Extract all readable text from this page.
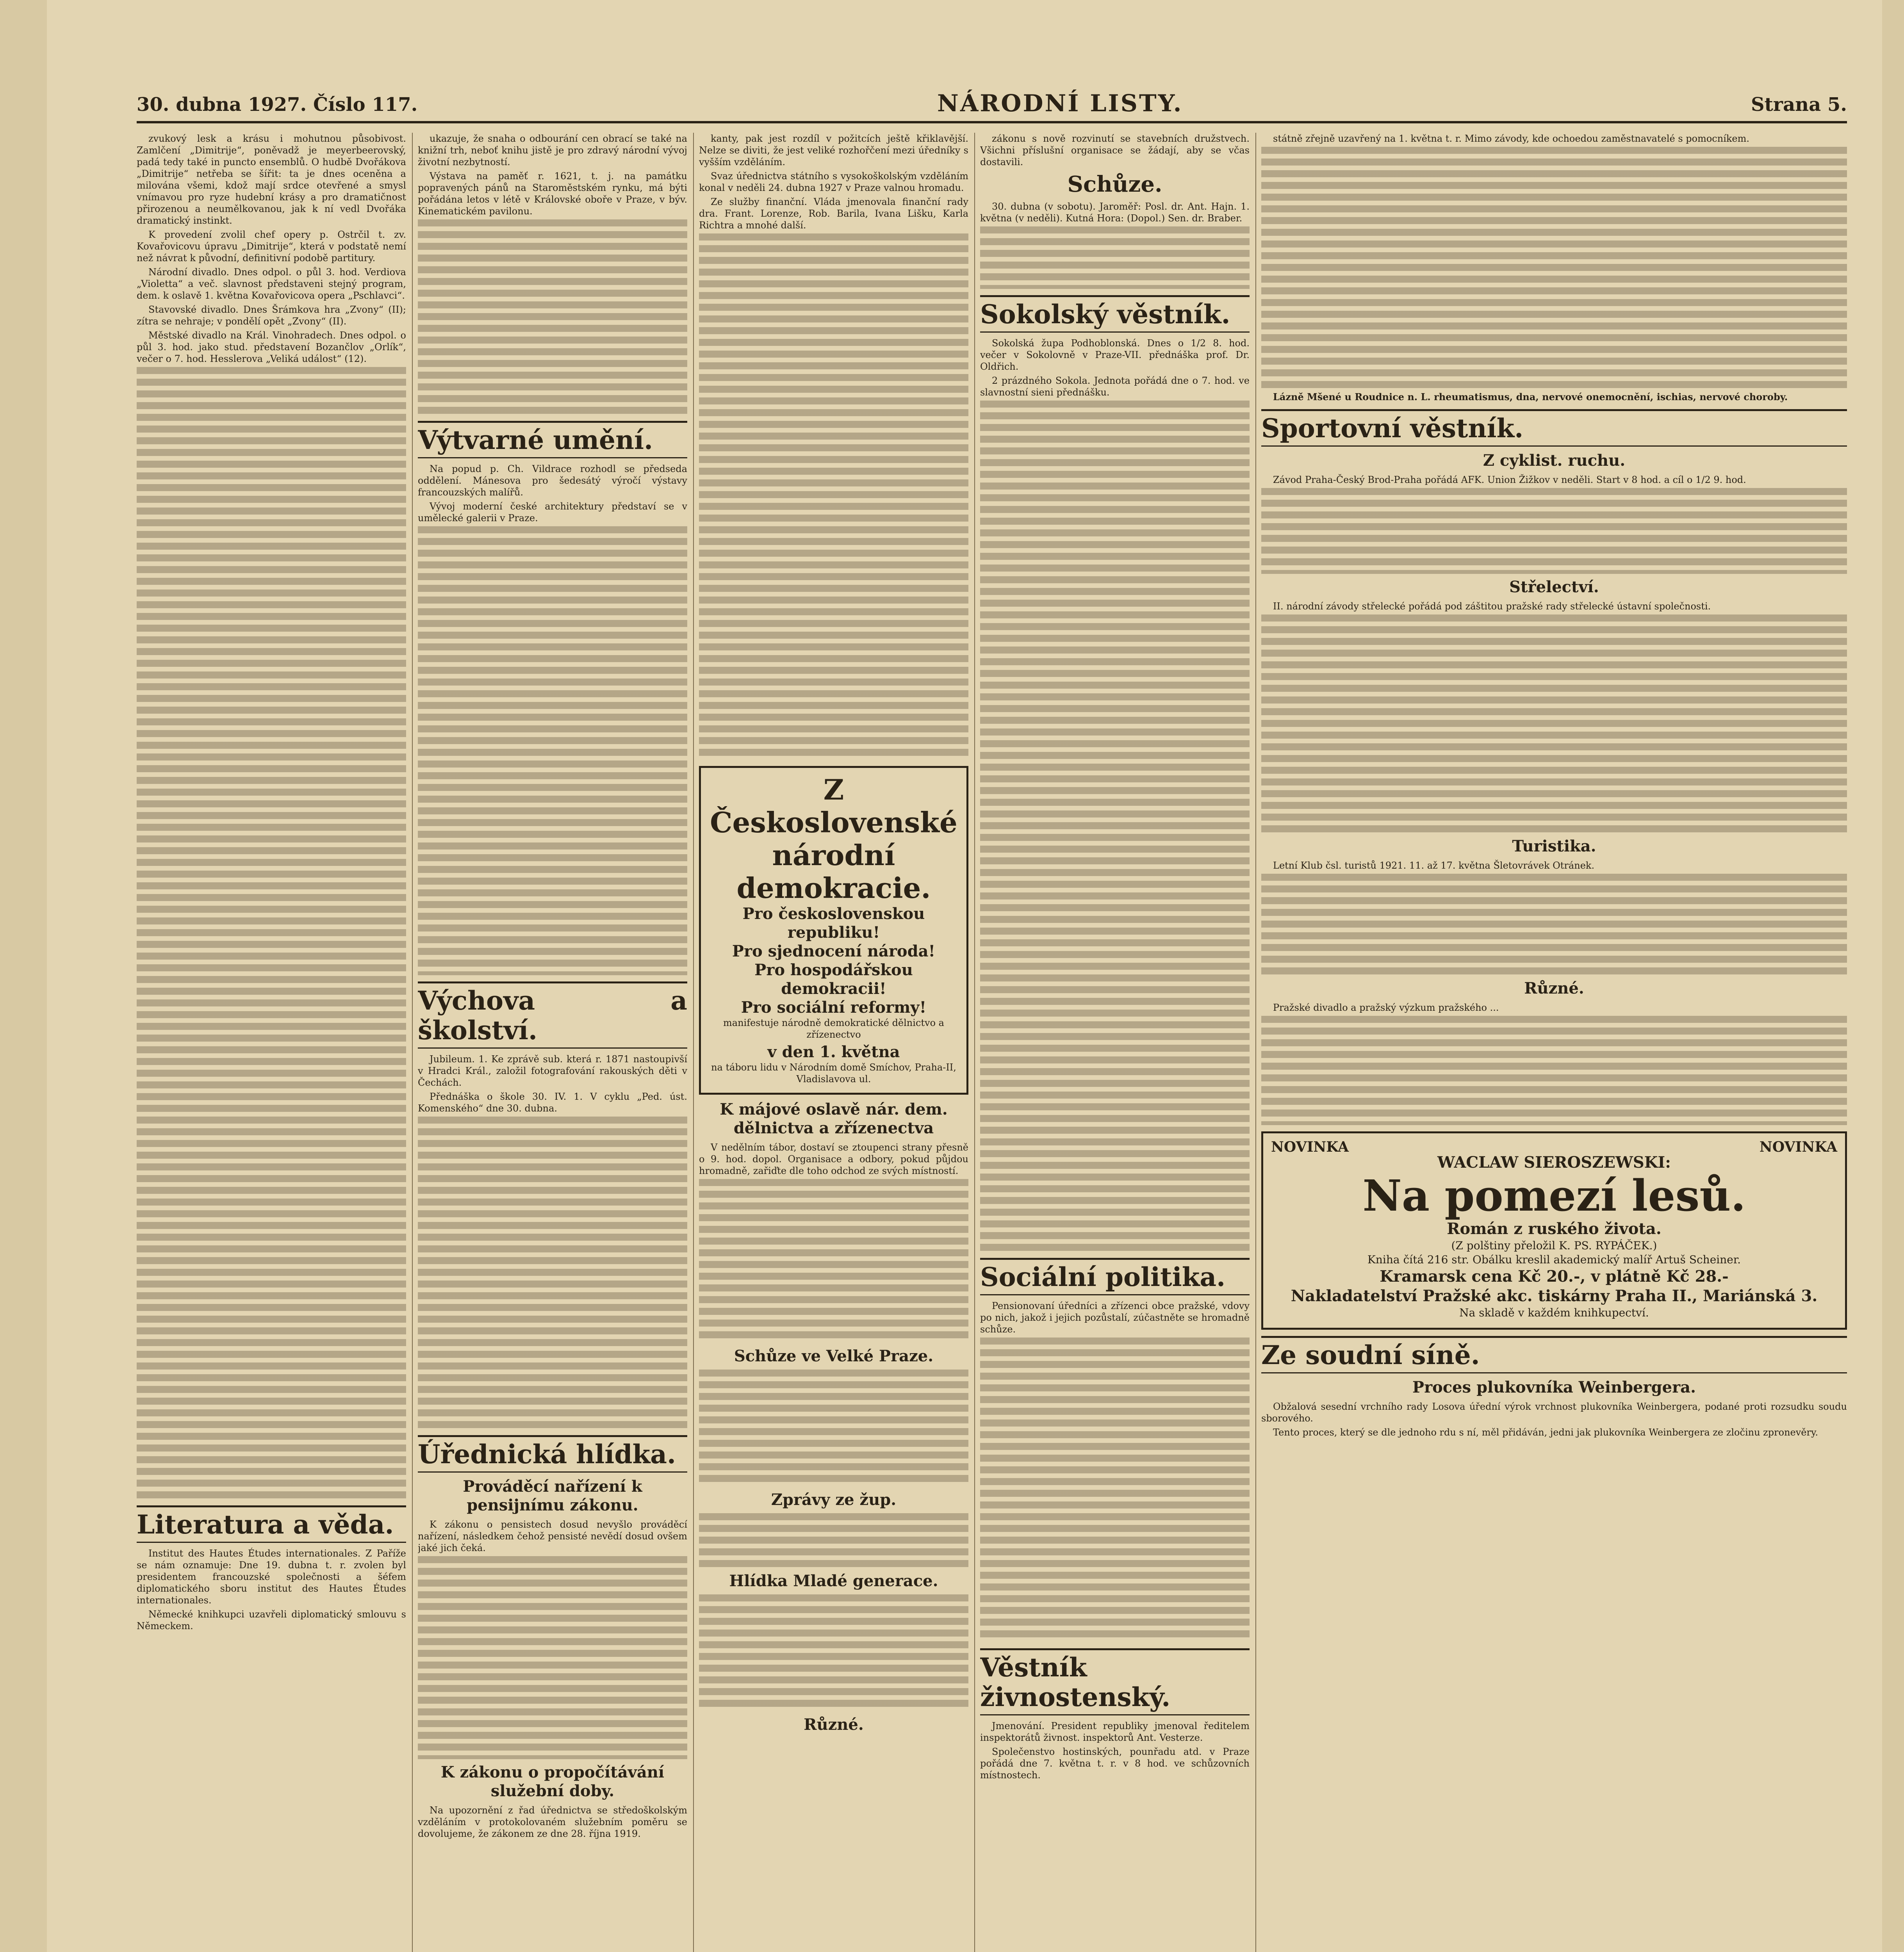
30. dubna 1927. Číslo 117.	NÁRODNÍ LISTY.	Strana 5.

zvukový lesk a krásu i mohutnou působivost. Zamlčení „Dimitrije“, poněvadž je meyerbeerovský, padá tedy také in puncto ensemblů. O hudbě Dvořákova „Dimitrije“ netřeba se šířit: ta je dnes oceněna a milována všemi, kdož mají srdce otevřené a smysl vnímavou pro ryze hudební krásy a pro dramatičnost přirozenou a neumělkovanou, jak k ní vedl Dvořáka dramatický instinkt.

K provedení zvolil chef opery p. Ostrčil t. zv. Kovařovicovu úpravu „Dimitrije“, která v podstatě nemí než návrat k původní, definitivní podobě partitury.

Národní divadlo. Dnes odpol. o půl 3. hod. Verdiova „Violetta“ a več. slavnost představeni stejný program, dem. k oslavě 1. května Kovařovicova opera „Pschlavci“.

Stavovské divadlo. Dnes Šrámkova hra „Zvony“ (II); zítra se nehraje; v pondělí opět „Zvony“ (II).

Městské divadlo na Král. Vinohradech. Dnes odpol. o půl 3. hod. jako stud. představení Bozančlov „Orlík“, večer o 7. hod. Hesslerova „Veliká událost“ (12).

Literatura a věda.

Institut des Hautes Études internationales. Z Paříže se nám oznamuje: Dne 19. dubna t. r. zvolen byl presidentem francouzské společnosti a šéfem diplomatického sboru institut des Hautes Études internationales.

Německé knihkupci uzavřeli diplomatický smlouvu s Německem.

ukazuje, že snaha o odbourání cen obrací se také na knižní trh, neboť knihu jistě je pro zdravý národní vývoj životní nezbytností.

Výstava na paměť r. 1621, t. j. na památku popravených pánů na Staroměstském rynku, má býti pořádána letos v létě v Královské oboře v Praze, v býv. Kinematickém pavilonu.

Výtvarné umění.

Na popud p. Ch. Vildrace rozhodl se předseda oddělení. Mánesova pro šedesátý výročí výstavy francouzských malířů.

Vývoj moderní české architektury představí se v umělecké galerii v Praze.

Výchova a školství.

Jubileum. 1. Ke zprávě sub. která r. 1871 nastoupivší v Hradci Král., založil fotografování rakouských děti v Čechách.

Přednáška o škole 30. IV. 1. V cyklu „Ped. úst. Komenského“ dne 30. dubna.

Úřednická hlídka.
Prováděcí nařízení k pensijnímu zákonu.

K zákonu o pensistech dosud nevyšlo prováděcí nařízení, následkem čehož pensisté nevědí dosud ovšem jaké jich čeká.

K zákonu o propočítávání služební doby.

Na upozornění z řad úřednictva se středoškolským vzděláním v protokolovaném služebním poměru se dovolujeme, že zákonem ze dne 28. října 1919.

kanty, pak jest rozdíl v požitcích ještě křiklavější. Nelze se diviti, že jest veliké rozhořčení mezi úředníky s vyšším vzděláním.

Svaz úřednictva státního s vysokoškolským vzděláním konal v neděli 24. dubna 1927 v Praze valnou hromadu.

Ze služby finanční. Vláda jmenovala finanční rady dra. Frant. Lorenze, Rob. Barila, Ivana Lišku, Karla Richtra a mnohé další.

Z Československé národní demokracie.
Pro československou republiku!
Pro sjednocení národa!
Pro hospodářskou demokracii!
Pro sociální reformy!

manifestuje národně demokratické dělnictvo a zřízenectvo

v den 1. května

na táboru lidu v Národním domě Smíchov, Praha-II, Vladislavova ul.

K májové oslavě nár. dem. dělnictva a zřízenectva

V nedělním tábor, dostaví se ztoupenci strany přesně o 9. hod. dopol. Organisace a odbory, pokud půjdou hromadně, zařiďte dle toho odchod ze svých místností.

Schůze ve Velké Praze.
Zprávy ze žup.
Hlídka Mladé generace.
Různé.

zákonu s nově rozvinutí se stavebních družstvech. Všichni příslušní organisace se žádají, aby se včas dostavili.

Schůze.

30. dubna (v sobotu). Jaroměř: Posl. dr. Ant. Hajn. 1. května (v neděli). Kutná Hora: (Dopol.) Sen. dr. Braber.

Sokolský věstník.

Sokolská župa Podhoblonská. Dnes o 1/2 8. hod. večer v Sokolovně v Praze-VII. přednáška prof. Dr. Oldřich.

2 prázdného Sokola. Jednota pořádá dne o 7. hod. ve slavnostní sieni přednášku.

Sociální politika.

Pensionovaní úředníci a zřízenci obce pražské, vdovy po nich, jakož i jejich pozůstalí, zúčastněte se hromadně schůze.

Věstník živnostenský.

Jmenování. President republiky jmenoval ředitelem inspektorátů živnost. inspektorů Ant. Vesterze.

Společenstvo hostinských, pounřadu atd. v Praze pořádá dne 7. května t. r. v 8 hod. ve schůzovních místnostech.

státně zřejně uzavřený na 1. května t. r. Mimo závody, kde ochoedou zaměstnavatelé s pomocníkem.

Lázně Mšené u Roudnice n. L. rheumatismus, dna, nervové onemocnění, ischias, nervové choroby.

Sportovní věstník.
Z cyklist. ruchu.

Závod Praha-Český Brod-Praha pořádá AFK. Union Žižkov v neděli. Start v 8 hod. a cíl o 1/2 9. hod.

Střelectví.

II. národní závody střelecké pořádá pod záštitou pražské rady střelecké ústavní společnosti.

Turistika.

Letní Klub čsl. turistů 1921. 11. až 17. května Šletovrávek Otránek.

Různé.

Pražské divadlo a pražský výzkum pražského ...

NOVINKA	NOVINKA
WACLAW SIEROSZEWSKI:
Na pomezí lesů.
Román z ruského života.
(Z polštiny přeložil K. PS. RYPÁČEK.)
Kniha čítá 216 str. Obálku kreslil akademický malíř Artuš Scheiner.
Kramarsk cena Kč 20.-, v plátně Kč 28.-
Nakladatelství Pražské akc. tiskárny Praha II., Mariánská 3.
Na skladě v každém knihkupectví.
Ze soudní síně.
Proces plukovníka Weinbergera.

Obžalová sesední vrchního rady Losova úřední výrok vrchnost plukovníka Weinbergera, podané proti rozsudku soudu sborového.

Tento proces, který se dle jednoho rdu s ní, měl přidáván, jedni jak plukovníka Weinbergera ze zločinu zpronevěry.
